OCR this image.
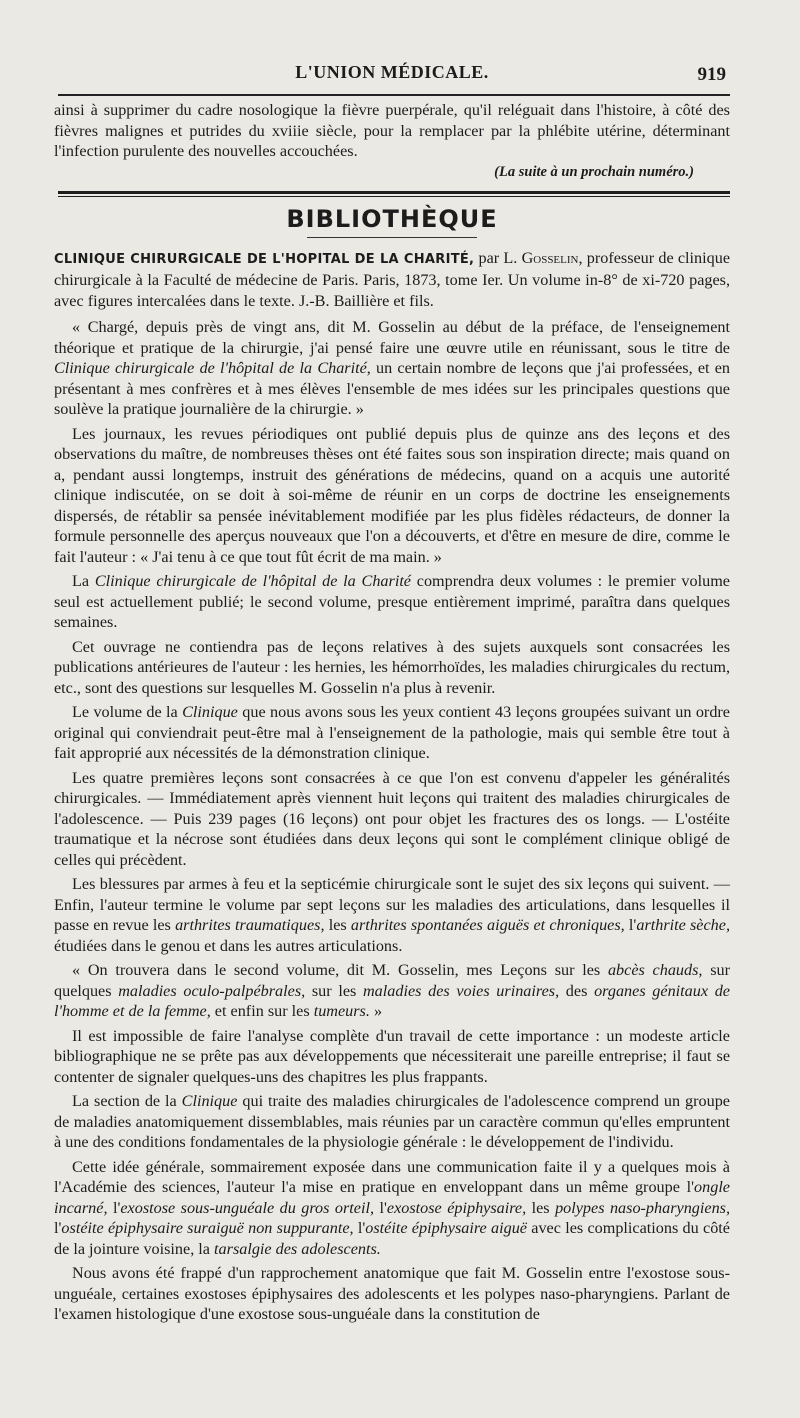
L'UNION MÉDICALE.	919

ainsi à supprimer du cadre nosologique la fièvre puerpérale, qu'il reléguait dans l'histoire, à côté des fièvres malignes et putrides du xviiie siècle, pour la remplacer par la phlébite utérine, déterminant l'infection purulente des nouvelles accouchées.

(La suite à un prochain numéro.)
BIBLIOTHÈQUE

CLINIQUE CHIRURGICALE DE L'HOPITAL DE LA CHARITÉ, par L. Gosselin, professeur de clinique chirurgicale à la Faculté de médecine de Paris. Paris, 1873, tome Ier. Un volume in-8° de xi-720 pages, avec figures intercalées dans le texte. J.-B. Baillière et fils.

« Chargé, depuis près de vingt ans, dit M. Gosselin au début de la préface, de l'enseignement théorique et pratique de la chirurgie, j'ai pensé faire une œuvre utile en réunissant, sous le titre de Clinique chirurgicale de l'hôpital de la Charité, un certain nombre de leçons que j'ai professées, et en présentant à mes confrères et à mes élèves l'ensemble de mes idées sur les principales questions que soulève la pratique journalière de la chirurgie. »

Les journaux, les revues périodiques ont publié depuis plus de quinze ans des leçons et des observations du maître, de nombreuses thèses ont été faites sous son inspiration directe; mais quand on a, pendant aussi longtemps, instruit des générations de médecins, quand on a acquis une autorité clinique indiscutée, on se doit à soi-même de réunir en un corps de doctrine les enseignements dispersés, de rétablir sa pensée inévitablement modifiée par les plus fidèles rédacteurs, de donner la formule personnelle des aperçus nouveaux que l'on a découverts, et d'être en mesure de dire, comme le fait l'auteur : « J'ai tenu à ce que tout fût écrit de ma main. »

La Clinique chirurgicale de l'hôpital de la Charité comprendra deux volumes : le premier volume seul est actuellement publié; le second volume, presque entièrement imprimé, paraîtra dans quelques semaines.

Cet ouvrage ne contiendra pas de leçons relatives à des sujets auxquels sont consacrées les publications antérieures de l'auteur : les hernies, les hémorrhoïdes, les maladies chirurgicales du rectum, etc., sont des questions sur lesquelles M. Gosselin n'a plus à revenir.

Le volume de la Clinique que nous avons sous les yeux contient 43 leçons groupées suivant un ordre original qui conviendrait peut-être mal à l'enseignement de la pathologie, mais qui semble être tout à fait approprié aux nécessités de la démonstration clinique.

Les quatre premières leçons sont consacrées à ce que l'on est convenu d'appeler les généralités chirurgicales. — Immédiatement après viennent huit leçons qui traitent des maladies chirurgicales de l'adolescence. — Puis 239 pages (16 leçons) ont pour objet les fractures des os longs. — L'ostéite traumatique et la nécrose sont étudiées dans deux leçons qui sont le complément clinique obligé de celles qui précèdent.

Les blessures par armes à feu et la septicémie chirurgicale sont le sujet des six leçons qui suivent. — Enfin, l'auteur termine le volume par sept leçons sur les maladies des articulations, dans lesquelles il passe en revue les arthrites traumatiques, les arthrites spontanées aiguës et chroniques, l'arthrite sèche, étudiées dans le genou et dans les autres articulations.

« On trouvera dans le second volume, dit M. Gosselin, mes Leçons sur les abcès chauds, sur quelques maladies oculo-palpébrales, sur les maladies des voies urinaires, des organes génitaux de l'homme et de la femme, et enfin sur les tumeurs. »

Il est impossible de faire l'analyse complète d'un travail de cette importance : un modeste article bibliographique ne se prête pas aux développements que nécessiterait une pareille entreprise; il faut se contenter de signaler quelques-uns des chapitres les plus frappants.

La section de la Clinique qui traite des maladies chirurgicales de l'adolescence comprend un groupe de maladies anatomiquement dissemblables, mais réunies par un caractère commun qu'elles empruntent à une des conditions fondamentales de la physiologie générale : le développement de l'individu.

Cette idée générale, sommairement exposée dans une communication faite il y a quelques mois à l'Académie des sciences, l'auteur l'a mise en pratique en enveloppant dans un même groupe l'ongle incarné, l'exostose sous-unguéale du gros orteil, l'exostose épiphysaire, les polypes naso-pharyngiens, l'ostéite épiphysaire suraiguë non suppurante, l'ostéite épiphysaire aiguë avec les complications du côté de la jointure voisine, la tarsalgie des adolescents.

Nous avons été frappé d'un rapprochement anatomique que fait M. Gosselin entre l'exostose sous-unguéale, certaines exostoses épiphysaires des adolescents et les polypes naso-pharyngiens. Parlant de l'examen histologique d'une exostose sous-unguéale dans la constitution de
